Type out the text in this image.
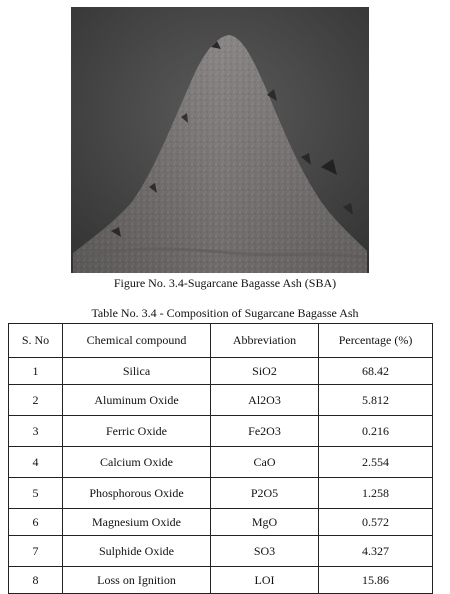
Figure No. 3.4-Sugarcane Bagasse Ash (SBA)
Table No. 3.4 - Composition of Sugarcane Bagasse Ash
S. No	Chemical compound	Abbreviation	Percentage (%)
1	Silica	SiO2	68.42
2	Aluminum Oxide	Al2O3	5.812
3	Ferric Oxide	Fe2O3	0.216
4	Calcium Oxide	CaO	2.554
5	Phosphorous Oxide	P2O5	1.258
6	Magnesium Oxide	MgO	0.572
7	Sulphide Oxide	SO3	4.327
8	Loss on Ignition	LOI	15.86
